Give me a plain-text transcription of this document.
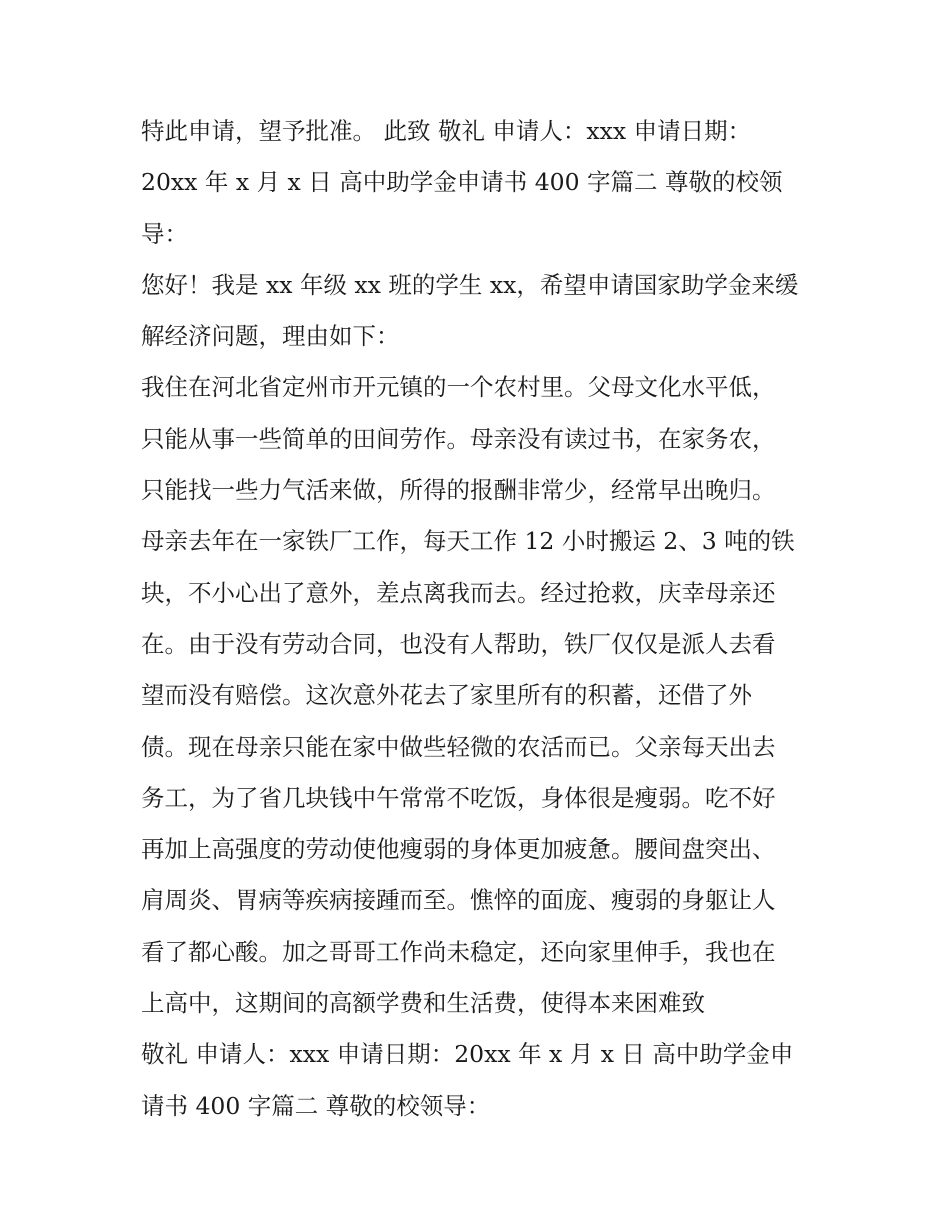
特此申请，望予批准。 此致 敬礼 申请人：xxx 申请日期：
20xx 年 x 月 x 日 高中助学金申请书 400 字篇二 尊敬的校领
导：
您好！我是 xx 年级 xx 班的学生 xx，希望申请国家助学金来缓
解经济问题，理由如下：
我住在河北省定州市开元镇的一个农村里。父母文化水平低，
只能从事一些简单的田间劳作。母亲没有读过书，在家务农，
只能找一些力气活来做，所得的报酬非常少，经常早出晚归。
母亲去年在一家铁厂工作，每天工作 12 小时搬运 2、3 吨的铁
块，不小心出了意外，差点离我而去。经过抢救，庆幸母亲还
在。由于没有劳动合同，也没有人帮助，铁厂仅仅是派人去看
望而没有赔偿。这次意外花去了家里所有的积蓄，还借了外
债。现在母亲只能在家中做些轻微的农活而已。父亲每天出去
务工，为了省几块钱中午常常不吃饭，身体很是瘦弱。吃不好
再加上高强度的劳动使他瘦弱的身体更加疲惫。腰间盘突出、
肩周炎、胃病等疾病接踵而至。憔悴的面庞、瘦弱的身躯让人
看了都心酸。加之哥哥工作尚未稳定，还向家里伸手，我也在
上高中，这期间的高额学费和生活费，使得本来困难致
敬礼 申请人：xxx 申请日期：20xx 年 x 月 x 日 高中助学金申
请书 400 字篇二 尊敬的校领导：
